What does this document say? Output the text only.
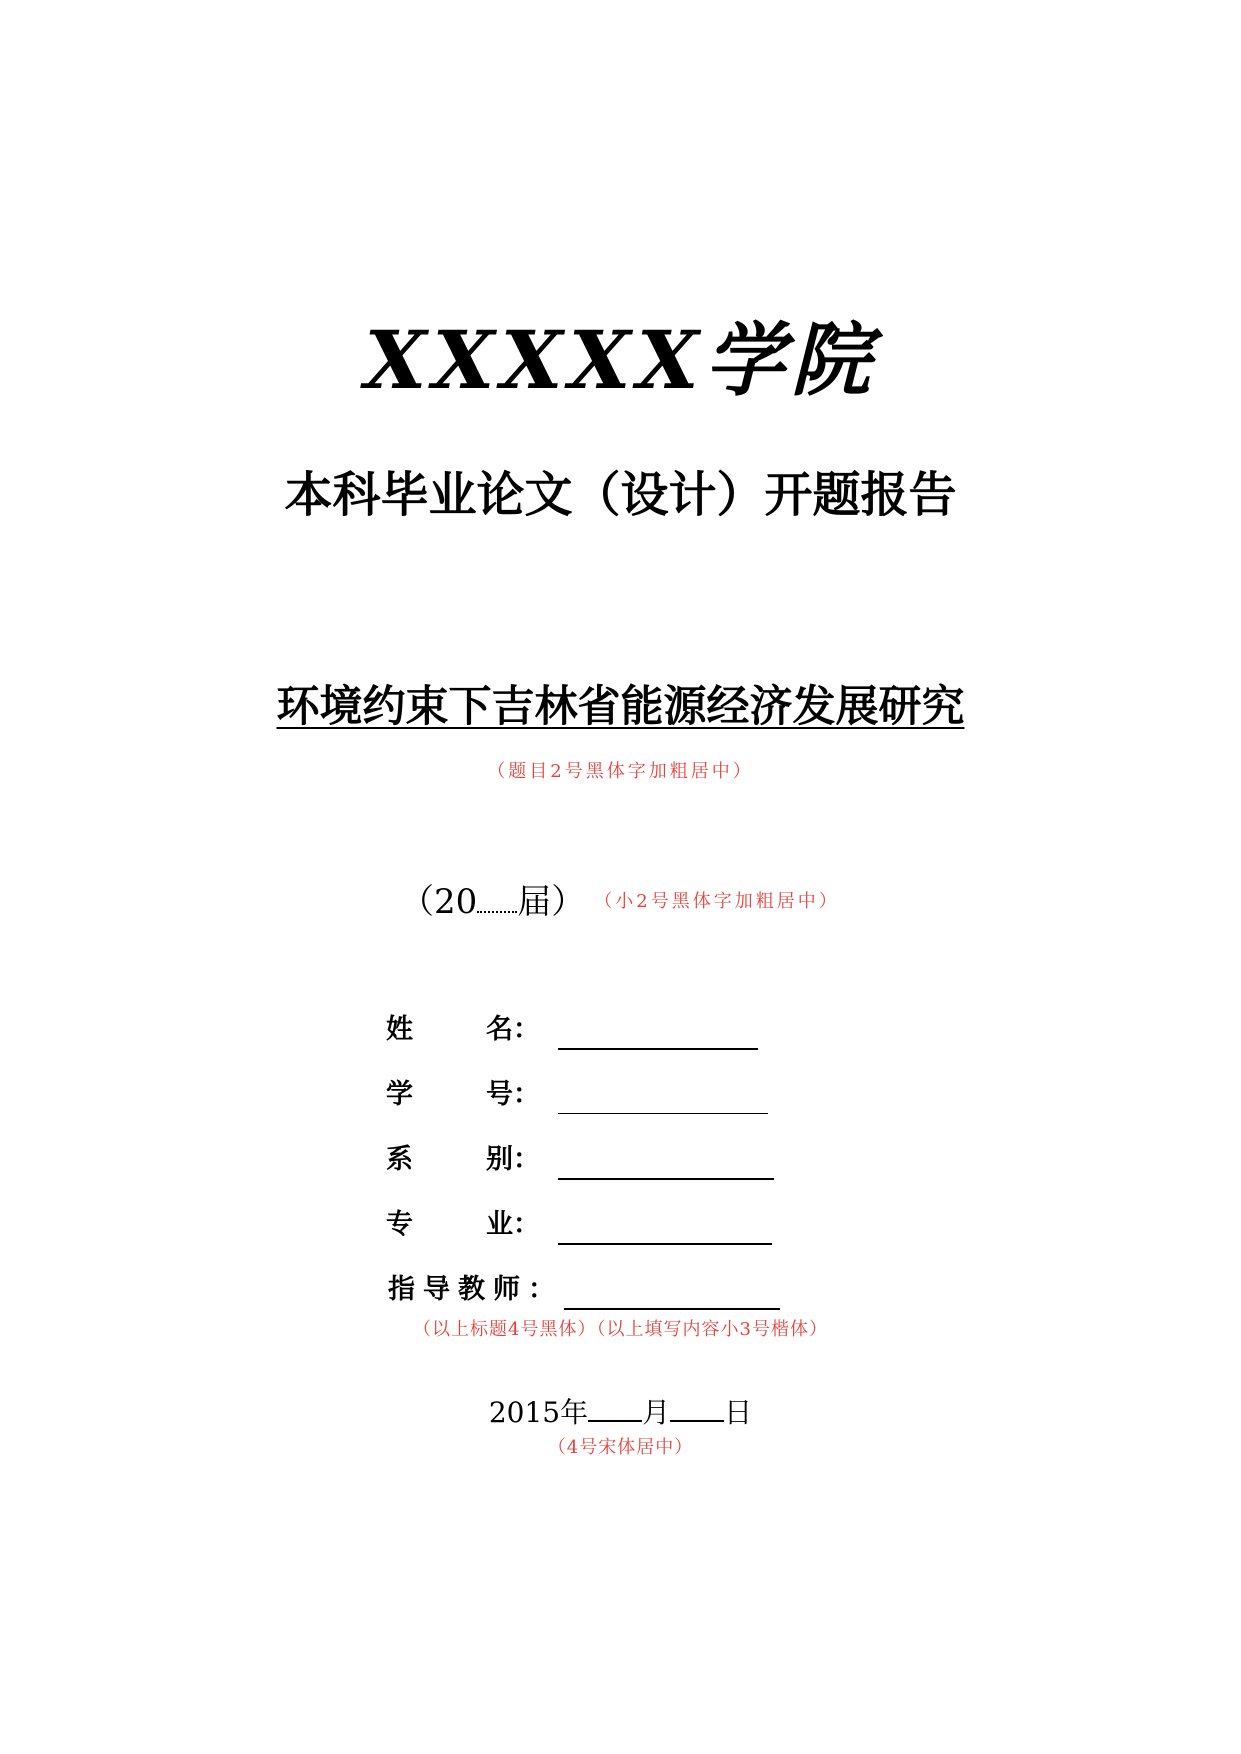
XXXXX学院
本科毕业论文（设计）开题报告
环境约束下吉林省能源经济发展研究
（题目2号黑体字加粗居中）
（20 届） （小2号黑体字加粗居中）
姓	名：
学	号：
系	别：
专	业：
指导教师：
（以上标题4号黑体）（以上填写内容小3号楷体）
2015年 月 日
（4号宋体居中）
